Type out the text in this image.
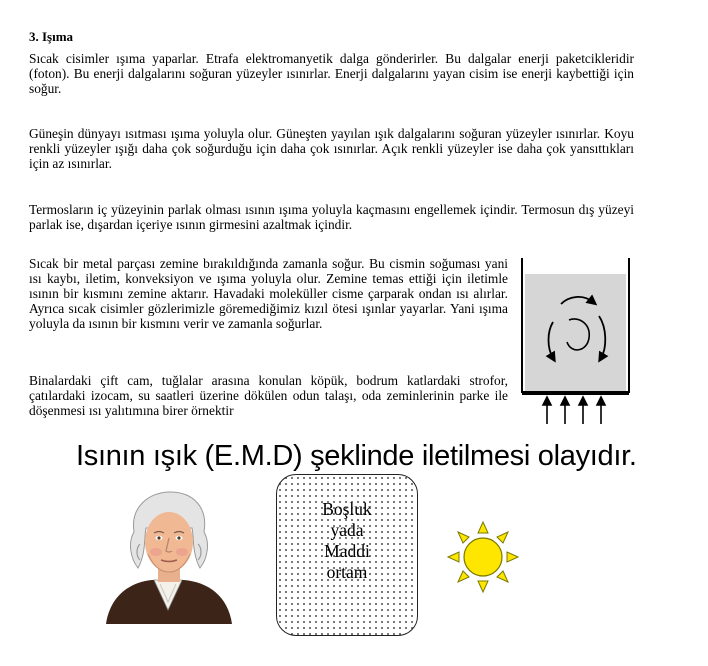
3. Işıma

Sıcak cisimler ışıma yaparlar. Etrafa elektromanyetik dalga gönderirler. Bu dalgalar enerji paketcikleridir (foton). Bu enerji dalgalarını soğuran yüzeyler ısınırlar. Enerji dalgalarını yayan cisim ise enerji kaybettiği için soğur.

Güneşin dünyayı ısıtması ışıma yoluyla olur. Güneşten yayılan ışık dalgalarını soğuran yüzeyler ısınırlar. Koyu renkli yüzeyler ışığı daha çok soğurduğu için daha çok ısınırlar. Açık renkli yüzeyler ise daha çok yansıttıkları için az ısınırlar.

Termosların iç yüzeyinin parlak olması ısının ışıma yoluyla kaçmasını engellemek içindir. Termosun dış yüzeyi parlak ise, dışardan içeriye ısının girmesini azaltmak içindir.

Sıcak bir metal parçası zemine bırakıldığında zamanla soğur. Bu cismin soğuması yani ısı kaybı, iletim, konveksiyon ve ışıma yoluyla olur. Zemine temas ettiği için iletimle ısının bir kısmını zemine aktarır. Havadaki moleküller cisme çarparak ondan ısı alırlar. Ayrıca sıcak cisimler gözlerimizle göremediğimiz kızıl ötesi ışınlar yayarlar. Yani ışıma yoluyla da ısının bir kısmını verir ve zamanla soğurlar.

Binalardaki çift cam, tuğlalar arasına konulan köpük, bodrum katlardaki strofor, çatılardaki izocam, su saatleri üzerine dökülen odun talaşı, oda zeminlerinin parke ile döşenmesi ısı yalıtımına birer örnektir

Isının ışık (E.M.D) şeklinde iletilmesi olayıdır.
Boşluk
yada
Maddi
ortam
